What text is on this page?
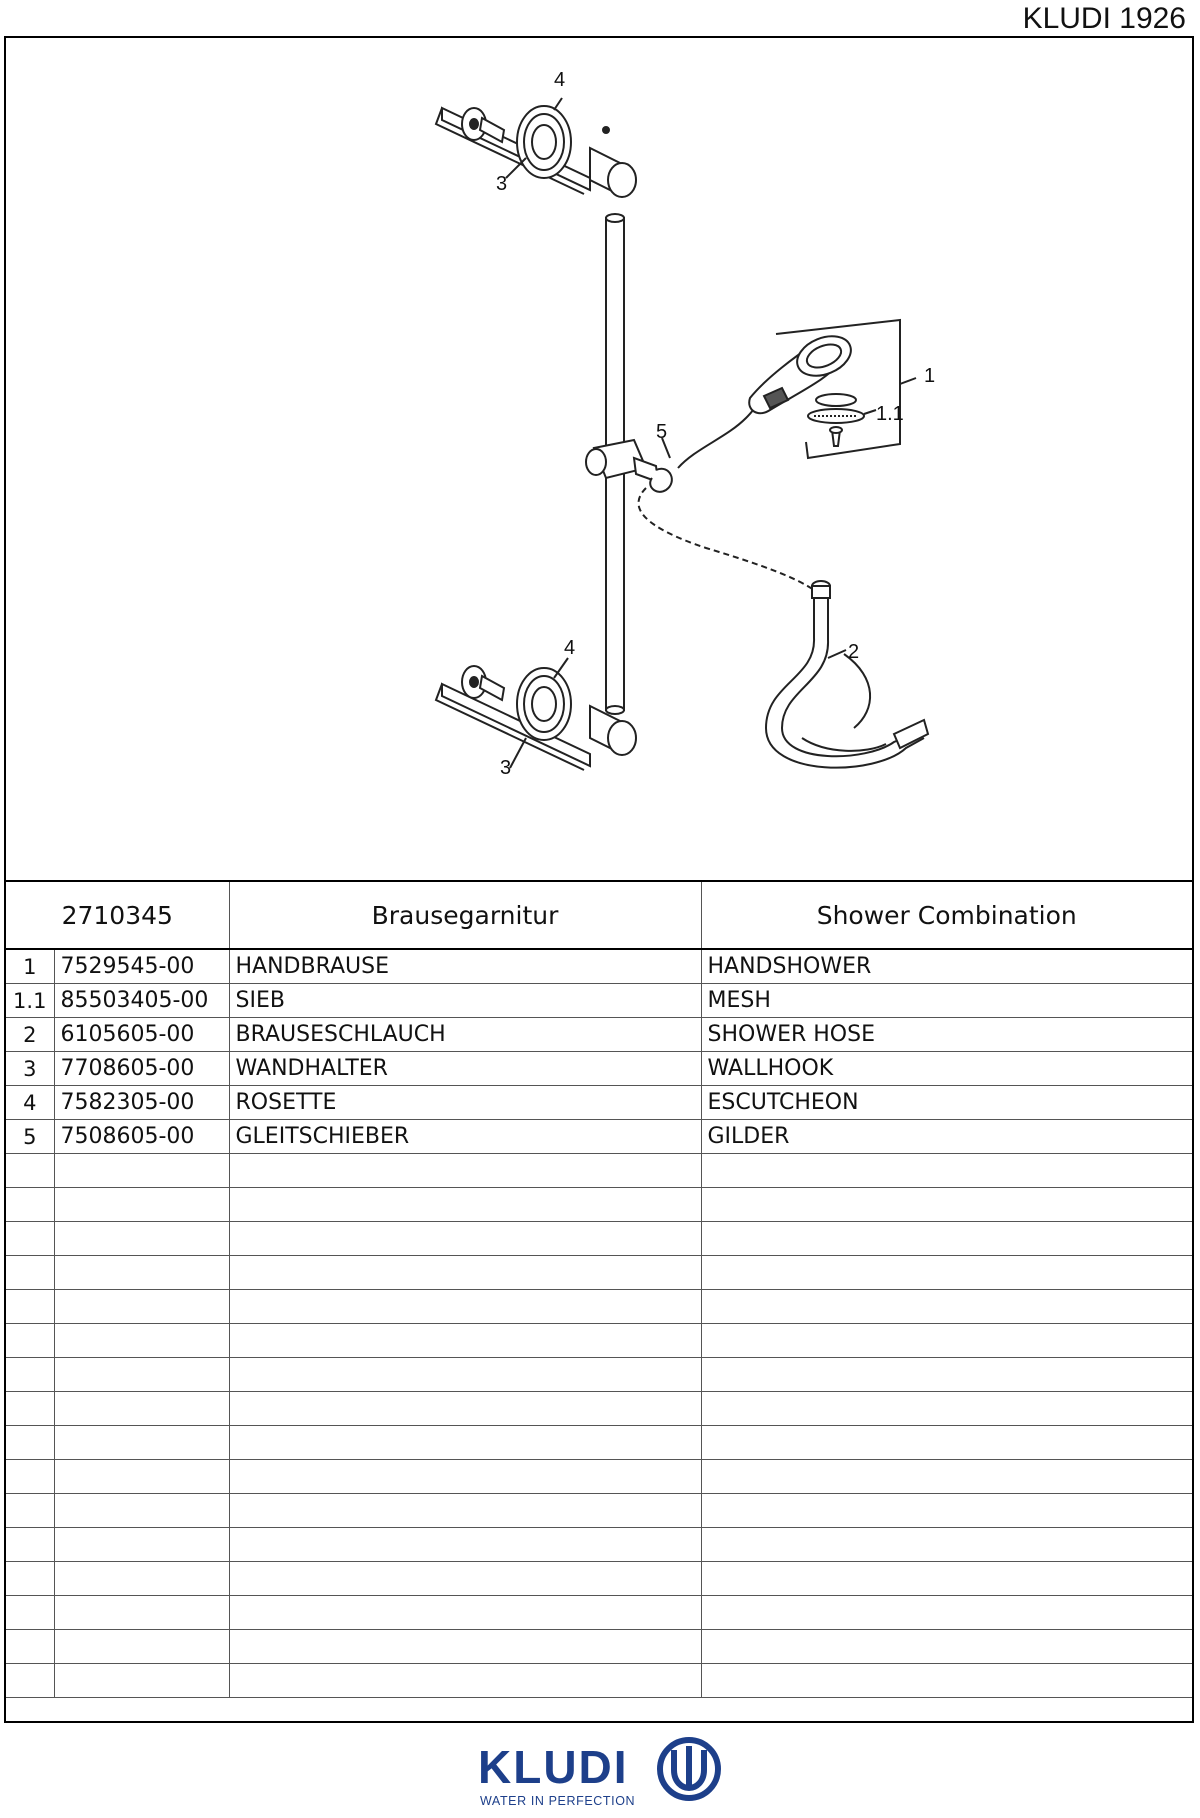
KLUDI 1926
4
3
5
1
1.1
2
4
3
2710345		Brausegarnitur	Shower Combination
1	7529545-00	HANDBRAUSE	HANDSHOWER
1.1	85503405-00	SIEB	MESH
2	6105605-00	BRAUSESCHLAUCH	SHOWER HOSE
3	7708605-00	WANDHALTER	WALLHOOK
4	7582305-00	ROSETTE	ESCUTCHEON
5	7508605-00	GLEITSCHIEBER	GILDER

KLUDI
WATER IN PERFECTION
